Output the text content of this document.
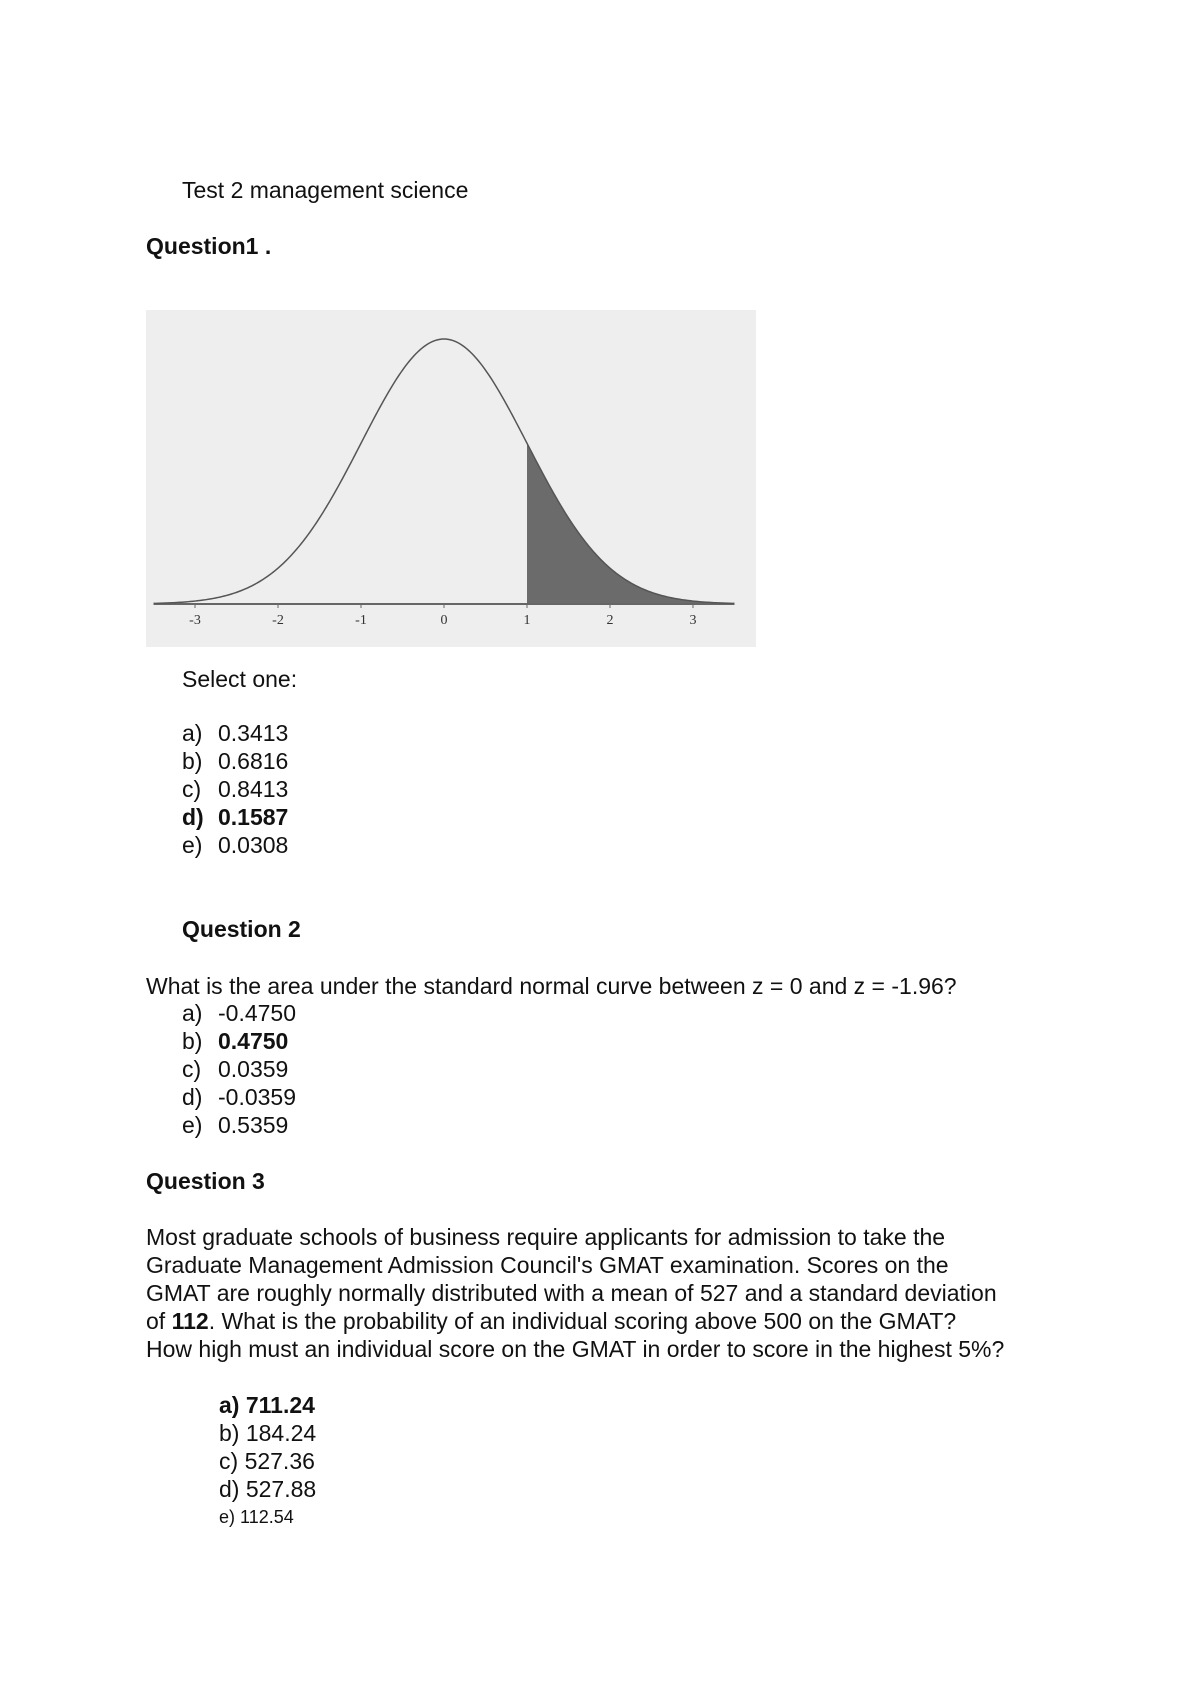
Test 2 management science
Question1 .
-3	-2	-1	0	1	2	3
Select one:
a) 0.3413
b) 0.6816
c) 0.8413
d) 0.1587
e) 0.0308
Question 2
What is the area under the standard normal curve between z = 0 and z = -1.96?
a) -0.4750
b) 0.4750
c) 0.0359
d) -0.0359
e) 0.5359
Question 3
Most graduate schools of business require applicants for admission to take the
Graduate Management Admission Council's GMAT examination. Scores on the
GMAT are roughly normally distributed with a mean of 527 and a standard deviation
of 112. What is the probability of an individual scoring above 500 on the GMAT?
How high must an individual score on the GMAT in order to score in the highest 5%?
a) 711.24
b) 184.24
c) 527.36
d) 527.88
e) 112.54
